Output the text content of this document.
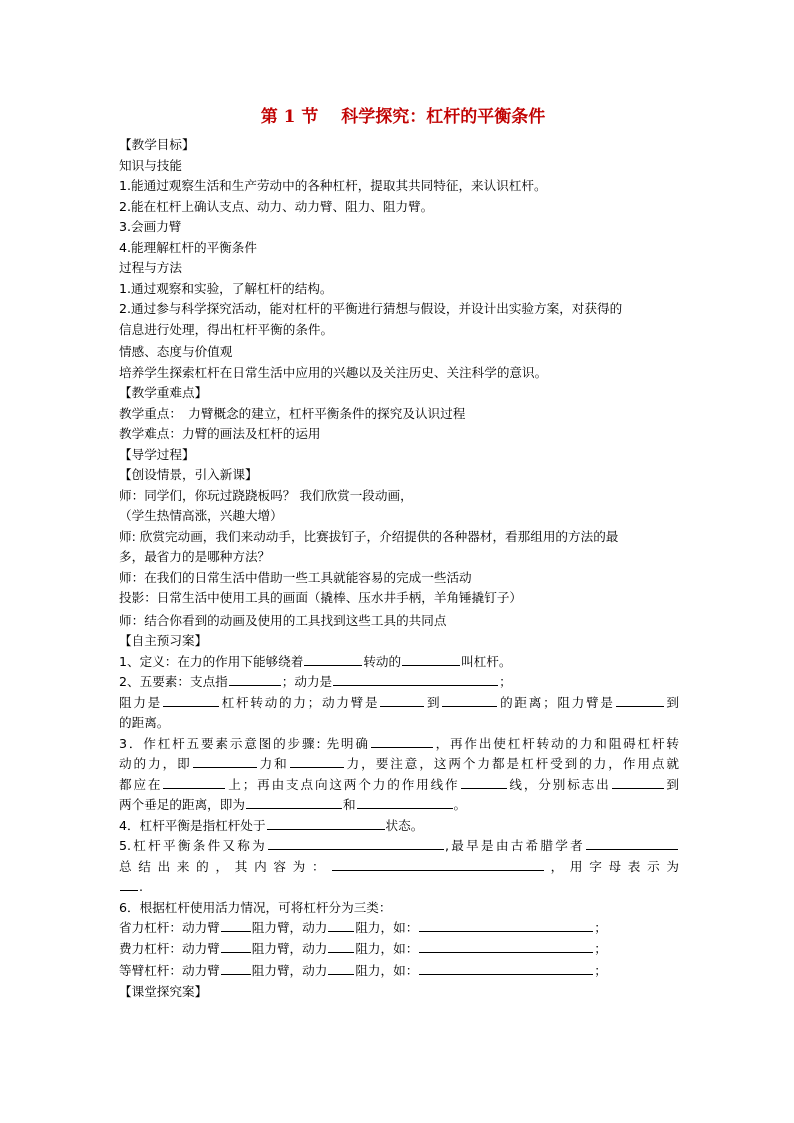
第 1 节　 科学探究：杠杆的平衡条件
【教学目标】
知识与技能
1.能通过观察生活和生产劳动中的各种杠杆，提取其共同特征，来认识杠杆。
2.能在杠杆上确认支点、动力、动力臂、阻力、阻力臂。
3.会画力臂
4.能理解杠杆的平衡条件
过程与方法
1.通过观察和实验，了解杠杆的结构。
2.通过参与科学探究活动，能对杠杆的平衡进行猜想与假设，并设计出实验方案，对获得的
信息进行处理，得出杠杆平衡的条件。
情感、态度与价值观
培养学生探索杠杆在日常生活中应用的兴趣以及关注历史、关注科学的意识。
【教学重难点】
教学重点：　力臂概念的建立，杠杆平衡条件的探究及认识过程
教学难点：力臂的画法及杠杆的运用
【导学过程】
【创设情景，引入新课】
师：同学们，你玩过跷跷板吗？ 我们欣赏一段动画，
（学生热情高涨，兴趣大增）
师: 欣赏完动画，我们来动动手，比赛拔钉子，介绍提供的各种器材，看那组用的方法的最
多，最省力的是哪种方法？
师：在我们的日常生活中借助一些工具就能容易的完成一些活动
投影：日常生活中使用工具的画面（撬棒、压水井手柄，羊角锤撬钉子）
师：结合你看到的动画及使用的工具找到这些工具的共同点
【自主预习案】
1、定义：在力的作用下能够绕着	转动的	叫杠杆。
2、五要素：支点指	；动力是	；
阻力是	杠杆转动的力；动力臂是	到	的距离；阻力臂是	到
的距离。
3．作杠杆五要素示意图的步骤: 先明确	，再作出使杠杆转动的力和阻碍杠杆转
动的力，即	力和	力，要注意，这两个力都是杠杆受到的力，作用点就
都应在	上；再由支点向这两个力的作用线作	线，分别标志出	到
两个垂足的距离，即为	和	。
4．杠杆平衡是指杠杆处于	状态。
5.杠杆平衡条件又称为	,最早是由古希腊学者
总 结 出 来 的 ， 其 内 容 为 ：	， 用 字 母 表 示 为
.
6．根据杠杆使用活力情况，可将杠杆分为三类：
省力杠杆：动力臂	阻力臂，动力 阻力，如：	；
费力杠杆：动力臂	阻力臂，动力 阻力，如：	；
等臂杠杆：动力臂	阻力臂，动力 阻力，如：	；
【课堂探究案】
